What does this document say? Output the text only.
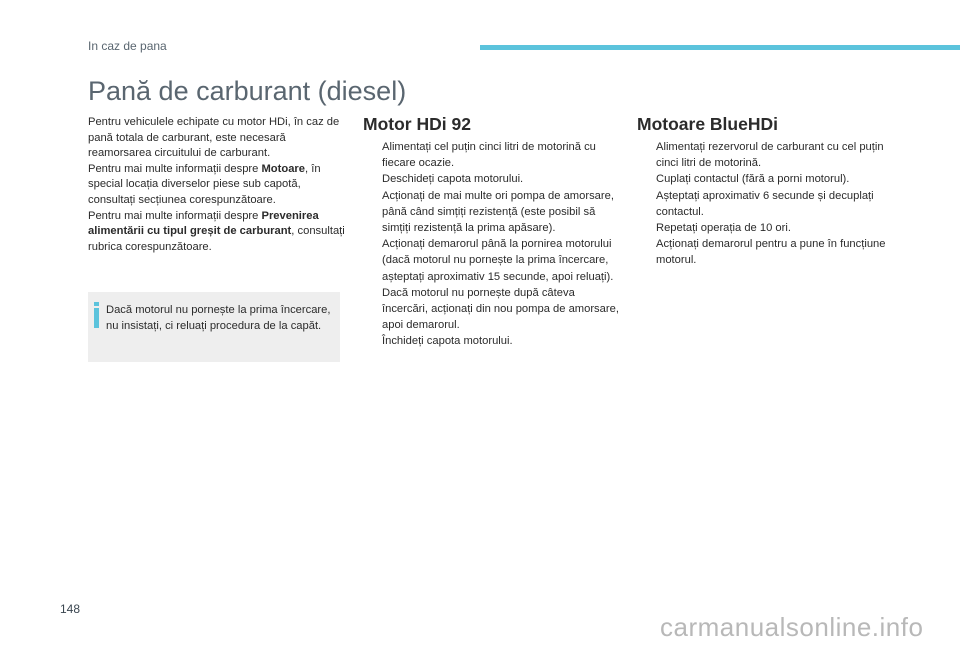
In caz de pana
Pană de carburant (diesel)

Pentru vehiculele echipate cu motor HDi, în caz de pană totala de carburant, este necesară reamorsarea circuitului de carburant.

Pentru mai multe informații despre Motoare, în special locația diverselor piese sub capotă, consultați secțiunea corespunzătoare.

Pentru mai multe informații despre Prevenirea alimentării cu tipul greșit de carburant, consultați rubrica corespunzătoare.

Dacă motorul nu pornește la prima încercare, nu insistați, ci reluați procedura de la capăt.

Motor HDi 92
Alimentați cel puțin cinci litri de motorină cu fiecare ocazie.
Deschideți capota motorului.
Acționați de mai multe ori pompa de amorsare, până când simțiți rezistență (este posibil să simțiți rezistență la prima apăsare).
Acționați demarorul până la pornirea motorului (dacă motorul nu pornește la prima încercare, așteptați aproximativ 15 secunde, apoi reluați).
Dacă motorul nu pornește după câteva încercări, acționați din nou pompa de amorsare, apoi demarorul.
Închideți capota motorului.
Motoare BlueHDi
Alimentați rezervorul de carburant cu cel puțin cinci litri de motorină.
Cuplați contactul (fără a porni motorul).
Așteptați aproximativ 6 secunde și decuplați contactul.
Repetați operația de 10 ori.
Acționați demarorul pentru a pune în funcțiune motorul.
148
carmanualsonline.info
